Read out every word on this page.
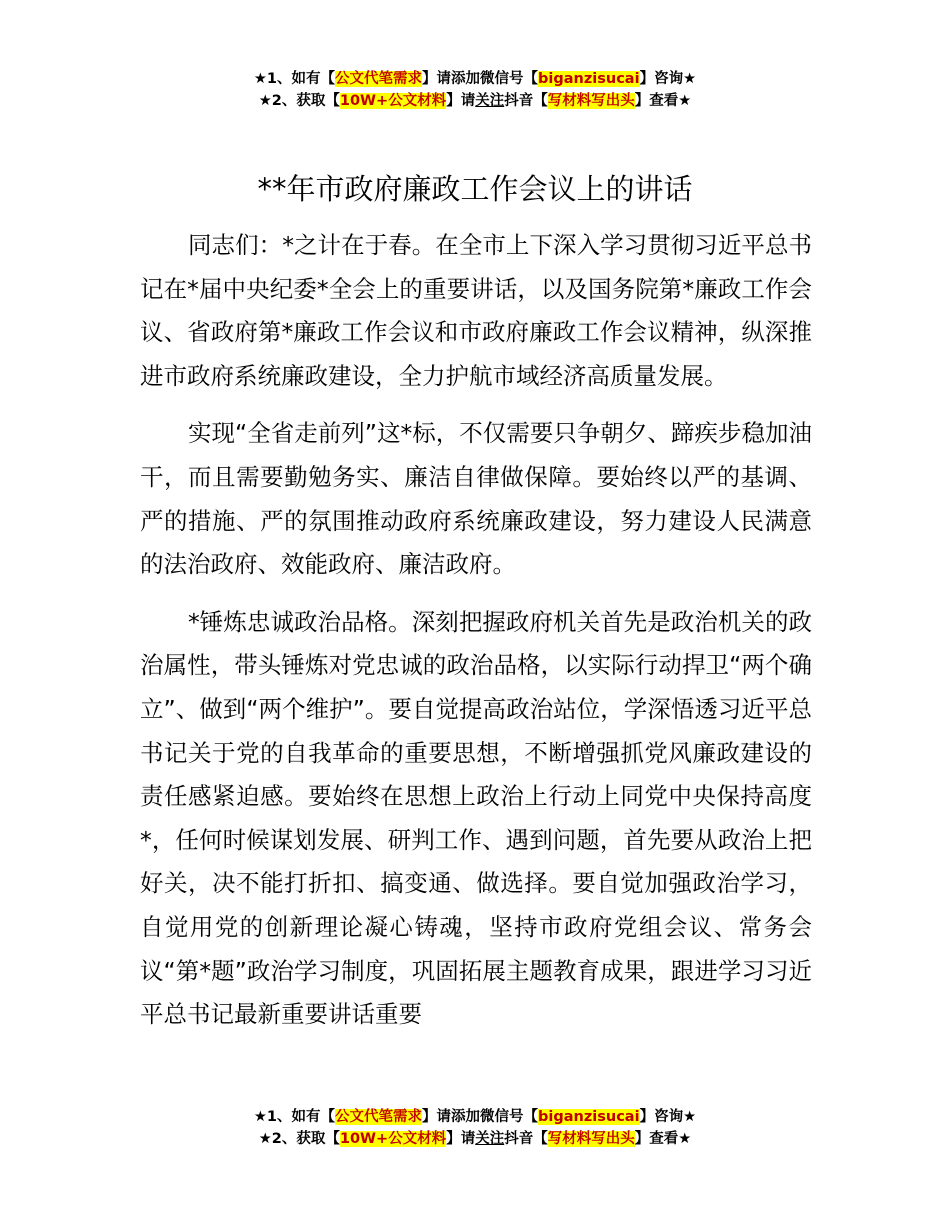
★1、如有【公文代笔需求】请添加微信号【biganzisucai】咨询★
★2、获取【10W+公文材料】请关注抖音【写材料写出头】查看★
**年市政府廉政工作会议上的讲话

同志们：*之计在于春。在全市上下深入学习贯彻习近平总书记在*届中央纪委*全会上的重要讲话，以及国务院第*廉政工作会议、省政府第*廉政工作会议和市政府廉政工作会议精神，纵深推进市政府系统廉政建设，全力护航市域经济高质量发展。

实现“全省走前列”这*标，不仅需要只争朝夕、蹄疾步稳加油干，而且需要勤勉务实、廉洁自律做保障。要始终以严的基调、严的措施、严的氛围推动政府系统廉政建设，努力建设人民满意的法治政府、效能政府、廉洁政府。

*锤炼忠诚政治品格。深刻把握政府机关首先是政治机关的政治属性，带头锤炼对党忠诚的政治品格，以实际行动捍卫“两个确立”、做到“两个维护”。要自觉提高政治站位，学深悟透习近平总书记关于党的自我革命的重要思想，不断增强抓党风廉政建设的责任感紧迫感。要始终在思想上政治上行动上同党中央保持高度*，任何时候谋划发展、研判工作、遇到问题，首先要从政治上把好关，决不能打折扣、搞变通、做选择。要自觉加强政治学习，自觉用党的创新理论凝心铸魂，坚持市政府党组会议、常务会议“第*题”政治学习制度，巩固拓展主题教育成果，跟进学习习近平总书记最新重要讲话重要

★1、如有【公文代笔需求】请添加微信号【biganzisucai】咨询★
★2、获取【10W+公文材料】请关注抖音【写材料写出头】查看★
